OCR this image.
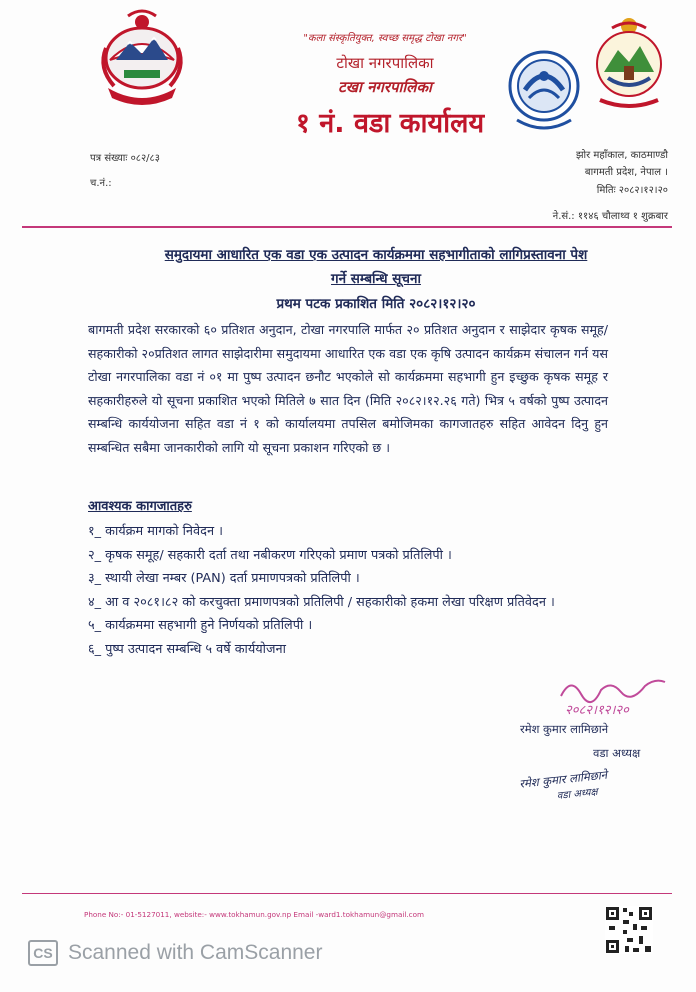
"कला संस्कृतियुक्त, स्वच्छ समृद्ध टोखा नगर"
टोखा नगरपालिका
टखा नगरपालिका
१ नं. वडा कार्यालय
पत्र संख्याः ०८२/८३
च.नं.:
झोर महाँकाल, काठमाण्डौ
बागमती प्रदेश, नेपाल ।
मितिः २०८२।१२।२०
ने.सं.: ११४६ चौलाथ्व १ शुक्रबार
समुदायमा आधारित एक वडा एक उत्पादन कार्यक्रममा सहभागीताको लागिप्रस्तावना पेश
गर्ने सम्बन्धि सूचना
प्रथम पटक प्रकाशित मिति २०८२।१२।२०
बागमती प्रदेश सरकारको ६० प्रतिशत अनुदान, टोखा नगरपालि मार्फत २० प्रतिशत अनुदान र साझेदार कृषक समूह/ सहकारीको २०प्रतिशत लागत साझेदारीमा समुदायमा आधारित एक वडा एक कृषि उत्पादन कार्यक्रम संचालन गर्न यस टोखा नगरपालिका वडा नं ०१ मा पुष्प उत्पादन छनौट भएकोले सो कार्यक्रममा सहभागी हुन इच्छुक कृषक समूह र सहकारीहरुले यो सूचना प्रकाशित भएको मितिले ७ सात दिन (मिति २०८२।१२.२६ गते) भित्र ५ वर्षको पुष्प उत्पादन सम्बन्धि कार्ययोजना सहित वडा नं १ को कार्यालयमा तपसिल बमोजिमका कागजातहरु सहित आवेदन दिनु हुन सम्बन्धित सबैमा जानकारीको लागि यो सूचना प्रकाशन गरिएको छ ।
आवश्यक कागजातहरु
१_ कार्यक्रम मागको निवेदन ।
२_ कृषक समूह/ सहकारी दर्ता तथा नबीकरण गरिएको प्रमाण पत्रको प्रतिलिपी ।
३_ स्थायी लेखा नम्बर (PAN) दर्ता प्रमाणपत्रको प्रतिलिपी ।
४_ आ व २०८१।८२ को करचुक्ता प्रमाणपत्रको प्रतिलिपी / सहकारीको हकमा लेखा परिक्षण प्रतिवेदन ।
५_ कार्यक्रममा सहभागी हुने निर्णयको प्रतिलिपी ।
६_ पुष्प उत्पादन सम्बन्धि ५ वर्षे कार्ययोजना
२०८२।१२।२०
रमेश कुमार लामिछाने
वडा अध्यक्ष
रमेश कुमार लामिछाने
वडा अध्यक्ष
Phone No:- 01-5127011, website:- www.tokhamun.gov.np Email -ward1.tokhamun@gmail.com
CS Scanned with CamScanner
